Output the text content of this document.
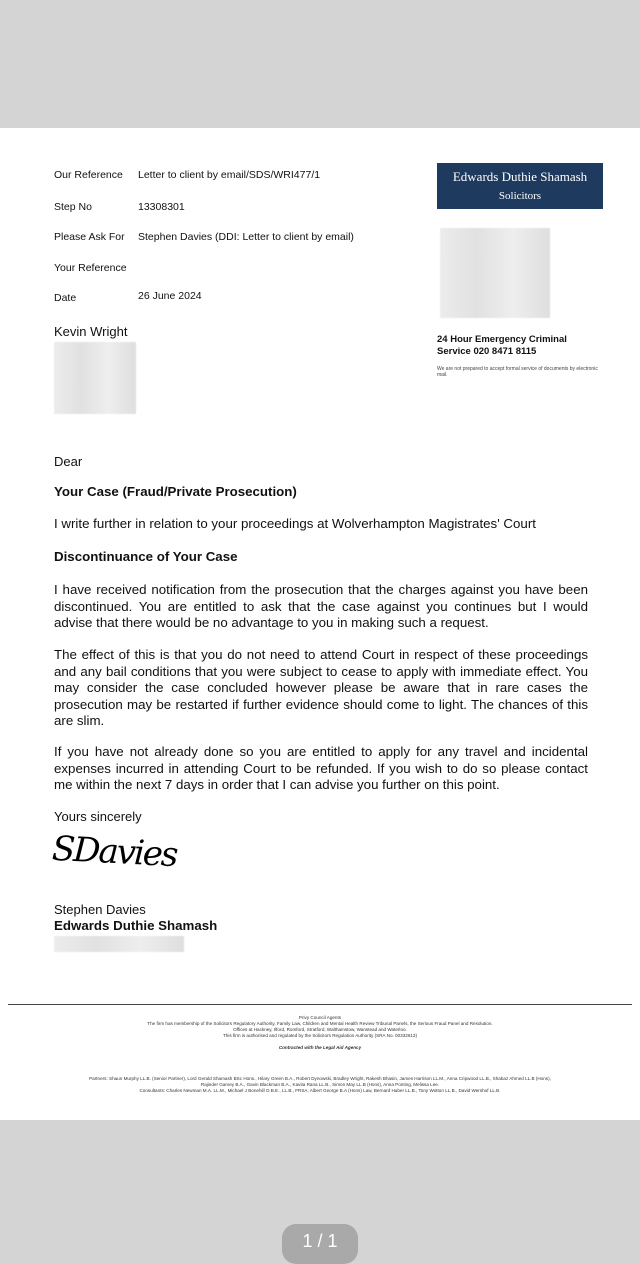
Our Reference Letter to client by email/SDS/WRI477/1
Step No	13308301
Please Ask For Stephen Davies (DDI: Letter to client by email)
Your Reference
Date	26 June 2024
Edwards Duthie Shamash
Solicitors
24 Hour Emergency Criminal
Service 020 8471 8115
We are not prepared to accept formal service of documents by electronic mail.
Kevin Wright
Dear
Your Case (Fraud/Private Prosecution)
I write further in relation to your proceedings at Wolverhampton Magistrates' Court
Discontinuance of Your Case
I have received notification from the prosecution that the charges against you have been discontinued. You are entitled to ask that the case against you continues but I would advise that there would be no advantage to you in making such a request.
The effect of this is that you do not need to attend Court in respect of these proceedings and any bail conditions that you were subject to cease to apply with immediate effect. You may consider the case concluded however please be aware that in rare cases the prosecution may be restarted if further evidence should come to light. The chances of this are slim.
If you have not already done so you are entitled to apply for any travel and incidental expenses incurred in attending Court to be refunded. If you wish to do so please contact me within the next 7 days in order that I can advise you further on this point.
Yours sincerely
SDavies
Stephen Davies
Edwards Duthie Shamash
Privy Council Agents
The firm has membership of the Solicitors Regulatory Authority, Family Law, Children and Mental Health Review Tribunal Panels, the Serious Fraud Panel and Resolution.
Offices at Hackney, Ilford, Romford, Stratford, Walthamstow, Wanstead and Waterloo.
This firm is authorised and regulated by the Solicitors Regulation Authority (SRA No. 00332613)
Contracted with the Legal Aid Agency
Partners: Shaun Murphy LL.B. (Senior Partner), Lord Gerald Shamash BSc Hons., Hilary Green B.A., Robert Dynowski, Bradley Wright, Rakesh Bhasin, James Harrison LL.M., Anna Cripwood LL.B., Shabaz Ahmed LL.B (Hons),
Rajinder Garvey B.A., Gavin Blackman B.A., Kavita Rana LL.B., Simon May LL.B (Hons), Anna Ponting, Melissa Lee.
Consultants: Charles Newman M.A. LL.M., Michael J Bonehill O.B.E., LL.B., FRSA, Albert George B.A (Hons) Law, Bernard Huber LL.B., Tony Wotton LL.B., David Wershof LL.B.
1 / 1
